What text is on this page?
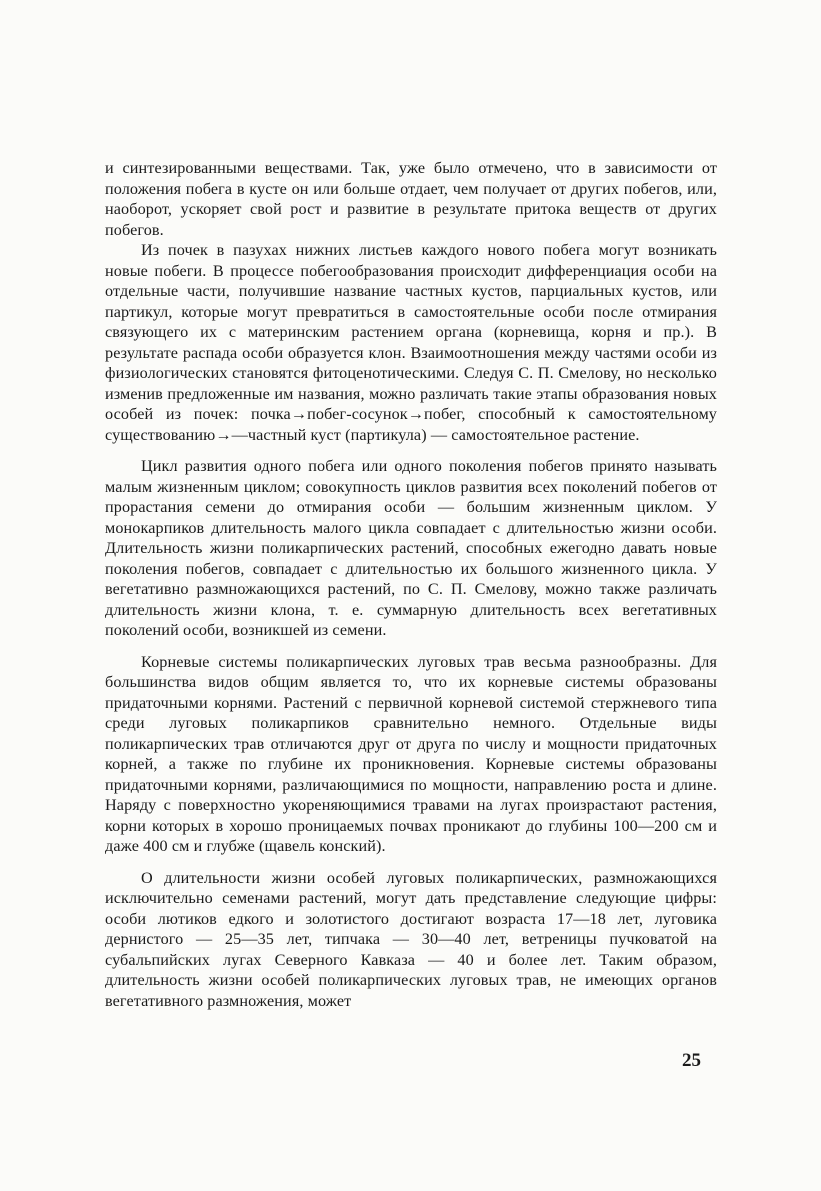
и синтезированными веществами. Так, уже было отмечено, что в зависимости от положения побега в кусте он или больше отдает, чем получает от других побегов, или, наоборот, ускоряет свой рост и развитие в результате притока веществ от других побегов.

Из почек в пазухах нижних листьев каждого нового побега могут возникать новые побеги. В процессе побегообразования происходит дифференциация особи на отдельные части, получившие название частных кустов, парциальных кустов, или партикул, которые могут превратиться в самостоятельные особи после отмирания связующего их с материнским растением органа (корневища, корня и пр.). В результате распада особи образуется клон. Взаимоотношения между частями особи из физиологических становятся фитоценотическими. Следуя С. П. Смелову, но несколько изменив предложенные им названия, можно различать такие этапы образования новых особей из почек: почка→побег-сосунок→побег, способный к самостоятельному существованию→—частный куст (партикула) — самостоятельное растение.

Цикл развития одного побега или одного поколения побегов принято называть малым жизненным циклом; совокупность циклов развития всех поколений побегов от прорастания семени до отмирания особи — большим жизненным циклом. У монокарпиков длительность малого цикла совпадает с длительностью жизни особи. Длительность жизни поликарпических растений, способных ежегодно давать новые поколения побегов, совпадает с длительностью их большого жизненного цикла. У вегетативно размножающихся растений, по С. П. Смелову, можно также различать длительность жизни клона, т. е. суммарную длительность всех вегетативных поколений особи, возникшей из семени.

Корневые системы поликарпических луговых трав весьма разнообразны. Для большинства видов общим является то, что их корневые системы образованы придаточными корнями. Растений с первичной корневой системой стержневого типа среди луговых поликарпиков сравнительно немного. Отдельные виды поликарпических трав отличаются друг от друга по числу и мощности придаточных корней, а также по глубине их проникновения. Корневые системы образованы придаточными корнями, различающимися по мощности, направлению роста и длине. Наряду с поверхностно укореняющимися травами на лугах произрастают растения, корни которых в хорошо проницаемых почвах проникают до глубины 100—200 см и даже 400 см и глубже (щавель конский).

О длительности жизни особей луговых поликарпических, размножающихся исключительно семенами растений, могут дать представление следующие цифры: особи лютиков едкого и золотистого достигают возраста 17—18 лет, луговика дернистого — 25—35 лет, типчака — 30—40 лет, ветреницы пучковатой на субальпийских лугах Северного Кавказа — 40 и более лет. Таким образом, длительность жизни особей поликарпических луговых трав, не имеющих органов вегетативного размножения, может

25
